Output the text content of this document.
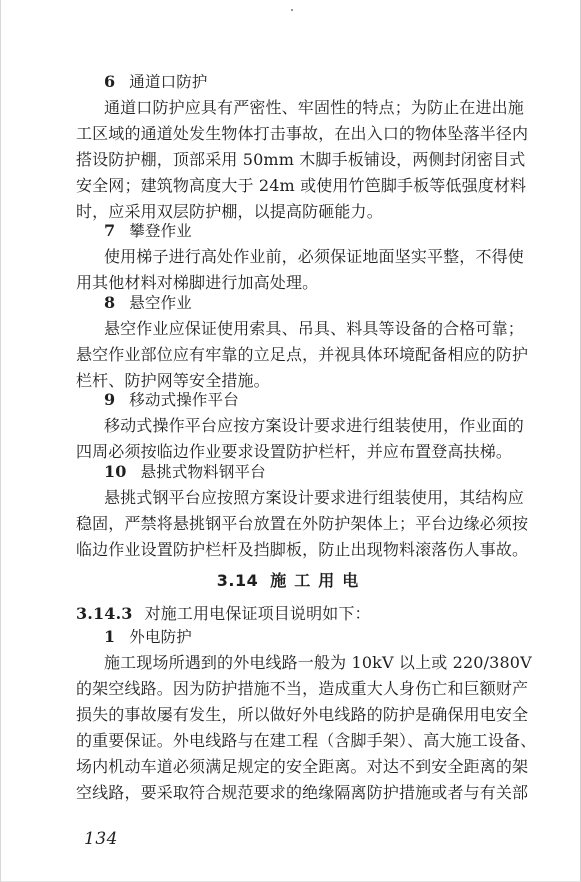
6 通道口防护
通道口防护应具有严密性、牢固性的特点；为防止在进出施
工区域的通道处发生物体打击事故，在出入口的物体坠落半径内
搭设防护棚，顶部采用 50mm 木脚手板铺设，两侧封闭密目式
安全网；建筑物高度大于 24m 或使用竹笆脚手板等低强度材料
时，应采用双层防护棚，以提高防砸能力。
7 攀登作业
使用梯子进行高处作业前，必须保证地面坚实平整，不得使
用其他材料对梯脚进行加高处理。
8 悬空作业
悬空作业应保证使用索具、吊具、料具等设备的合格可靠；
悬空作业部位应有牢靠的立足点，并视具体环境配备相应的防护
栏杆、防护网等安全措施。
9 移动式操作平台
移动式操作平台应按方案设计要求进行组装使用，作业面的
四周必须按临边作业要求设置防护栏杆，并应布置登高扶梯。
10 悬挑式物料钢平台
悬挑式钢平台应按照方案设计要求进行组装使用，其结构应
稳固，严禁将悬挑钢平台放置在外防护架体上；平台边缘必须按
临边作业设置防护栏杆及挡脚板，防止出现物料滚落伤人事故。
3.14 施工用电
3.14.3 对施工用电保证项目说明如下：
1 外电防护
施工现场所遇到的外电线路一般为 10kV 以上或 220/380V
的架空线路。因为防护措施不当，造成重大人身伤亡和巨额财产
损失的事故屡有发生，所以做好外电线路的防护是确保用电安全
的重要保证。外电线路与在建工程（含脚手架）、高大施工设备、
场内机动车道必须满足规定的安全距离。对达不到安全距离的架
空线路，要采取符合规范要求的绝缘隔离防护措施或者与有关部
134
